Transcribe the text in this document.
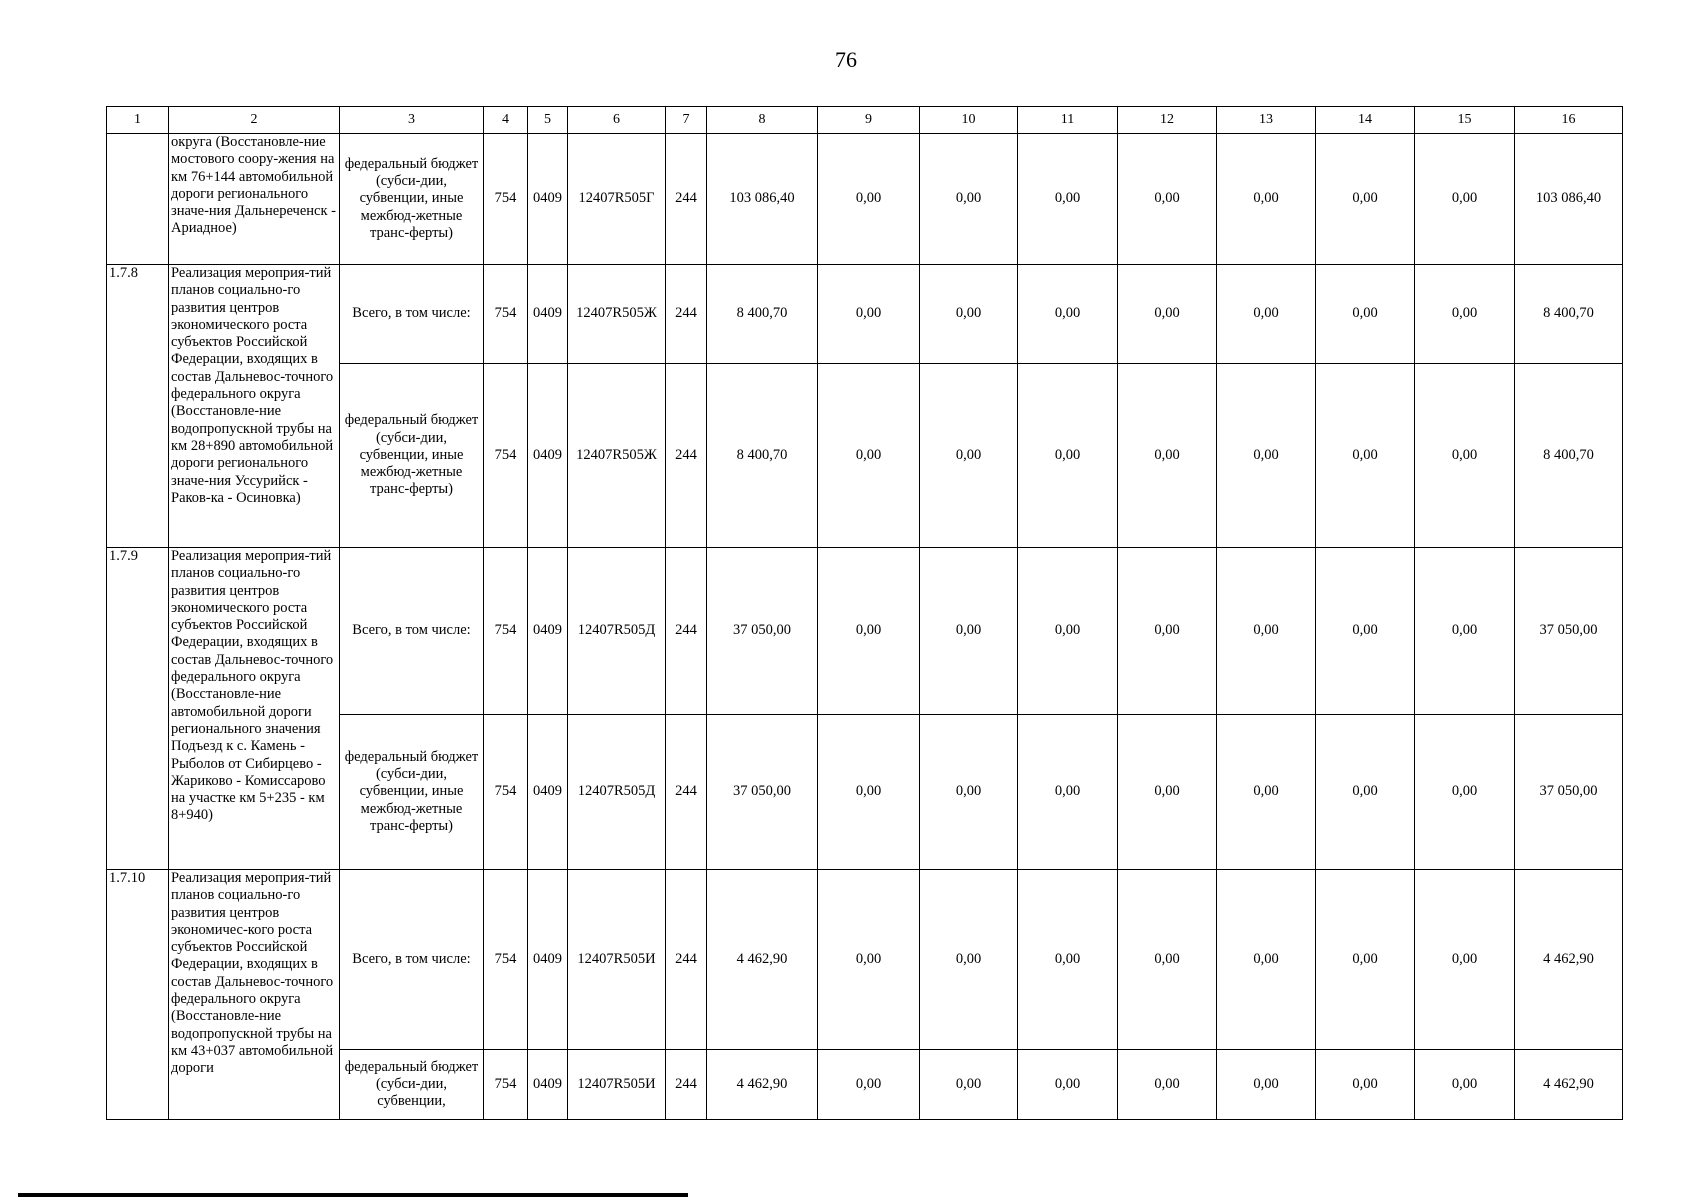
76
1	2	3	4	5	6	7	8	9	10	11	12	13	14	15	16
	округа (Восстановле-ние мостового соору-жения на км 76+144 автомобильной дороги регионального значе-ния Дальнереченск - Ариадное)	федеральный бюджет (субси-дии, субвенции, иные межбюд-жетные транс-ферты)	754	0409	12407R505Г	244	103 086,40	0,00	0,00	0,00	0,00	0,00	0,00	0,00	103 086,40
1.7.8	Реализация мероприя-тий планов социально-го развития центров экономического роста субъектов Российской Федерации, входящих в состав Дальневос-точного федерального округа (Восстановле-ние водопропускной трубы на км 28+890 автомобильной дороги регионального значе-ния Уссурийск - Раков-ка - Осиновка)	Всего, в том числе:	754	0409	12407R505Ж	244	8 400,70	0,00	0,00	0,00	0,00	0,00	0,00	0,00	8 400,70
		федеральный бюджет (субси-дии, субвенции, иные межбюд-жетные транс-ферты)	754	0409	12407R505Ж	244	8 400,70	0,00	0,00	0,00	0,00	0,00	0,00	0,00	8 400,70
1.7.9	Реализация мероприя-тий планов социально-го развития центров экономического роста субъектов Российской Федерации, входящих в состав Дальневос-точного федерального округа (Восстановле-ние автомобильной дороги регионального значения Подъезд к с. Камень - Рыболов от Сибирцево - Жариково - Комиссарово на участке км 5+235 - км 8+940)	Всего, в том числе:	754	0409	12407R505Д	244	37 050,00	0,00	0,00	0,00	0,00	0,00	0,00	0,00	37 050,00
		федеральный бюджет (субси-дии, субвенции, иные межбюд-жетные транс-ферты)	754	0409	12407R505Д	244	37 050,00	0,00	0,00	0,00	0,00	0,00	0,00	0,00	37 050,00
1.7.10	Реализация мероприя-тий планов социально-го развития центров экономичес-кого роста субъектов Российской Федерации, входящих в состав Дальневос-точного федерального округа (Восстановле-ние водопропускной трубы на км 43+037 автомобильной дороги	Всего, в том числе:	754	0409	12407R505И	244	4 462,90	0,00	0,00	0,00	0,00	0,00	0,00	0,00	4 462,90
		федеральный бюджет (субси-дии, субвенции,	754	0409	12407R505И	244	4 462,90	0,00	0,00	0,00	0,00	0,00	0,00	0,00	4 462,90
